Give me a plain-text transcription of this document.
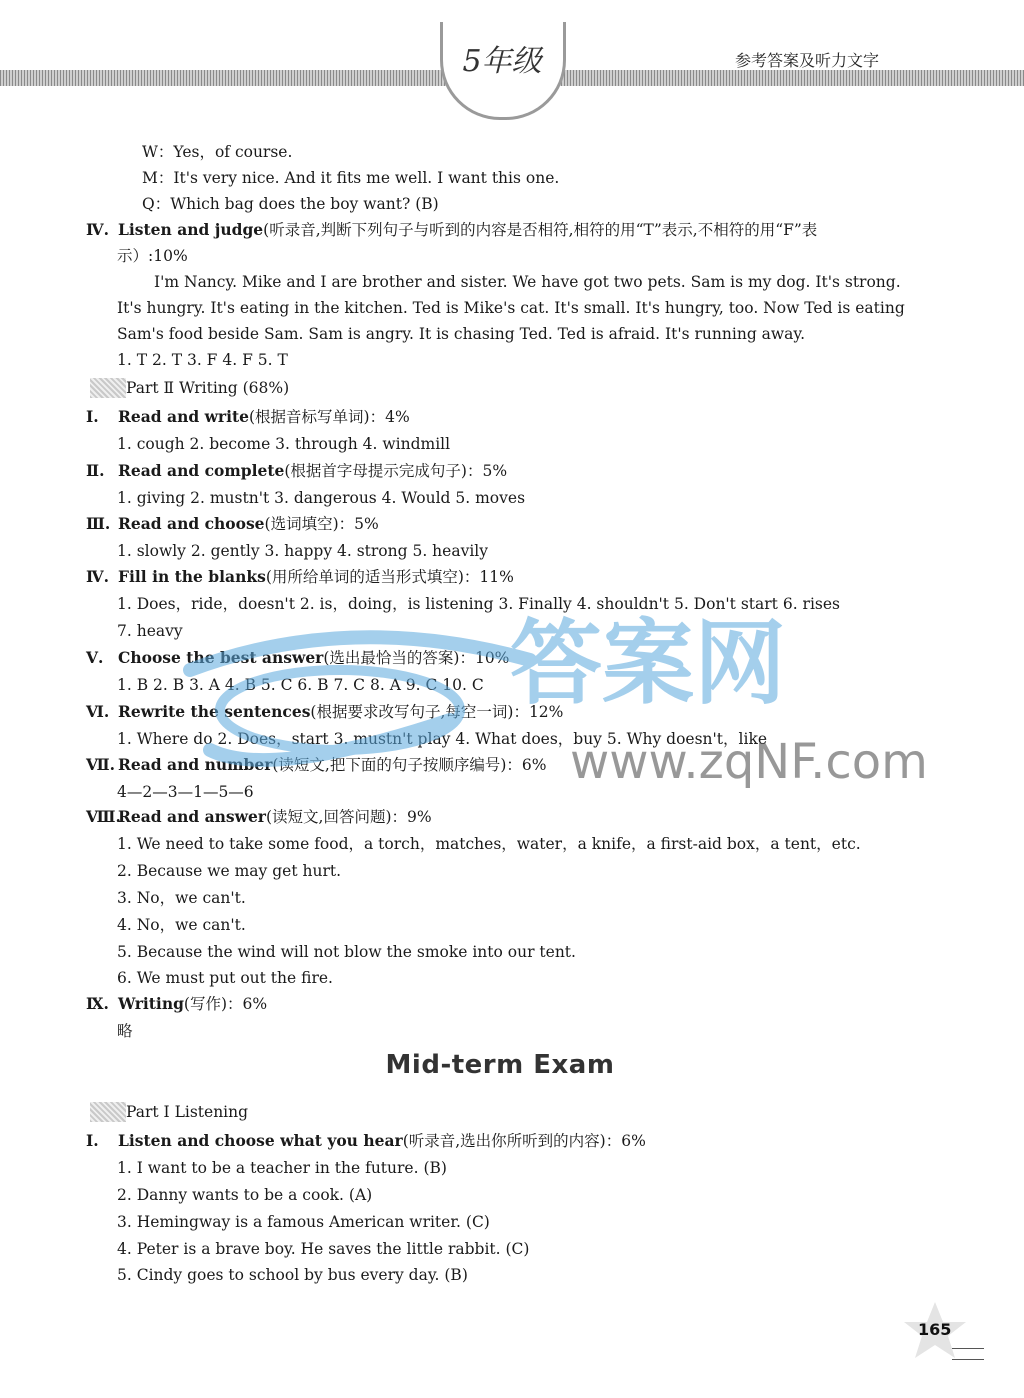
5年级	参考答案及听力文字
W：Yes，of course.
M：It's very nice. And it fits me well. I want this one.
Q：Which bag does the boy want? (B)
Ⅳ. Listen and judge(听录音,判断下列句子与听到的内容是否相符,相符的用“T”表示,不相符的用“F”表
示）:10%
I'm Nancy. Mike and I are brother and sister. We have got two pets. Sam is my dog. It's strong.
It's hungry. It's eating in the kitchen. Ted is Mike's cat. It's small. It's hungry, too. Now Ted is eating
Sam's food beside Sam. Sam is angry. It is chasing Ted. Ted is afraid. It's running away.
1. T 2. T 3. F 4. F 5. T
Part Ⅱ Writing (68%)
Ⅰ. Read and write(根据音标写单词)：4%
1. cough 2. become 3. through 4. windmill
Ⅱ. Read and complete(根据首字母提示完成句子)：5%
1. giving 2. mustn't 3. dangerous 4. Would 5. moves
Ⅲ. Read and choose(选词填空)：5%
1. slowly 2. gently 3. happy 4. strong 5. heavily
Ⅳ. Fill in the blanks(用所给单词的适当形式填空)：11%
1. Does，ride，doesn't 2. is，doing，is listening 3. Finally 4. shouldn't 5. Don't start 6. rises
7. heavy
Ⅴ. Choose the best answer(选出最恰当的答案)：10%
1. B 2. B 3. A 4. B 5. C 6. B 7. C 8. A 9. C 10. C
Ⅵ. Rewrite the sentences(根据要求改写句子,每空一词)：12%
1. Where do 2. Does，start 3. mustn't play 4. What does，buy 5. Why doesn't，like
Ⅶ. Read and number(读短文,把下面的句子按顺序编号)：6%
4—2—3—1—5—6
Ⅷ.Read and answer(读短文,回答问题)：9%
1. We need to take some food，a torch，matches，water，a knife，a first-aid box，a tent，etc.
2. Because we may get hurt.
3. No，we can't.
4. No，we can't.
5. Because the wind will not blow the smoke into our tent.
6. We must put out the fire.
Ⅸ. Writing(写作)：6%
略
Part Ⅰ Listening
Ⅰ. Listen and choose what you hear(听录音,选出你所听到的内容)：6%
1. I want to be a teacher in the future. (B)
2. Danny wants to be a cook. (A)
3. Hemingway is a famous American writer. (C)
4. Peter is a brave boy. He saves the little rabbit. (C)
5. Cindy goes to school by bus every day. (B)
Mid-term Exam
答案网
www.zqNF.com
165
